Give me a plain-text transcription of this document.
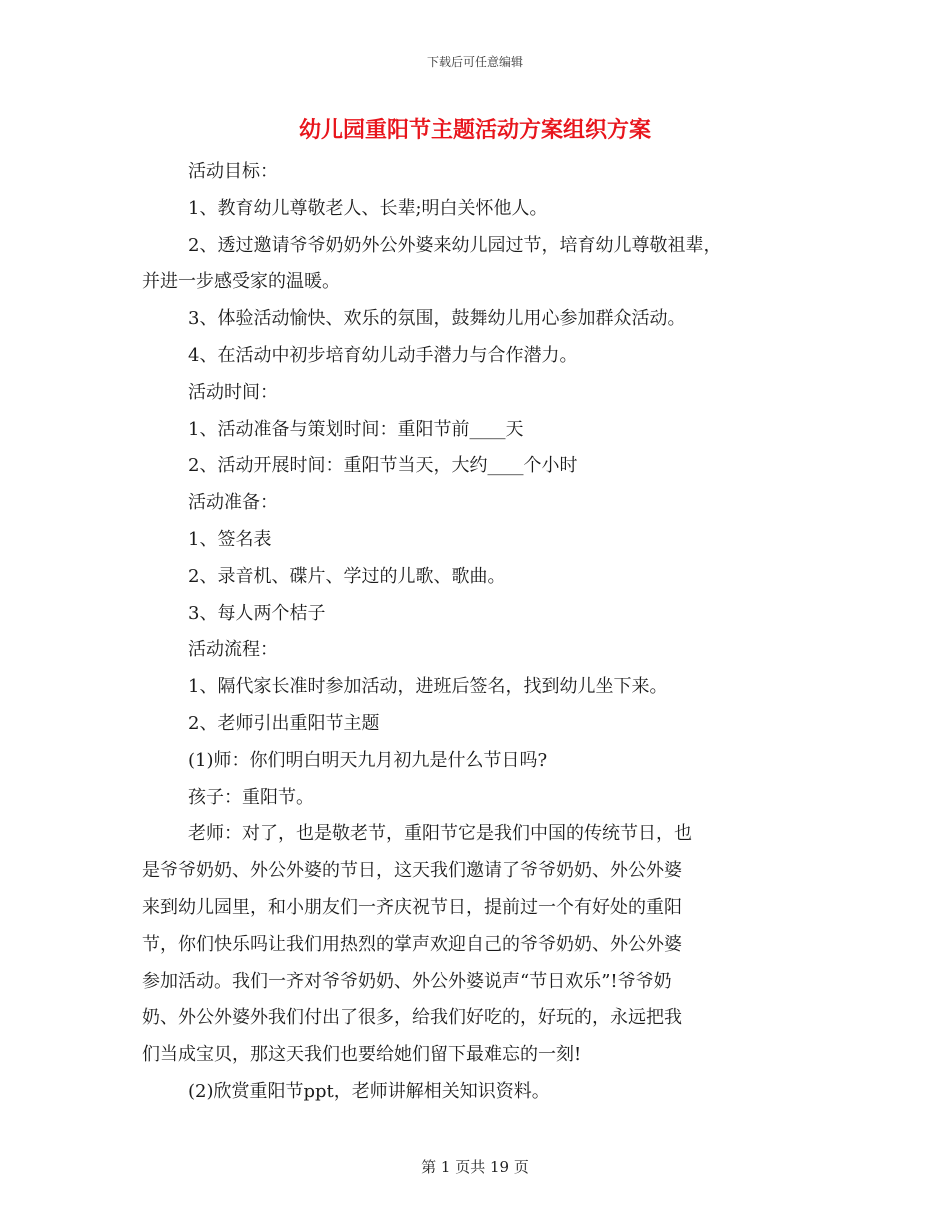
下载后可任意编辑
幼儿园重阳节主题活动方案组织方案
活动目标：
1、教育幼儿尊敬老人、长辈;明白关怀他人。
2、透过邀请爷爷奶奶外公外婆来幼儿园过节，培育幼儿尊敬祖辈，
并进一步感受家的温暖。
3、体验活动愉快、欢乐的氛围，鼓舞幼儿用心参加群众活动。
4、在活动中初步培育幼儿动手潜力与合作潜力。
活动时间：
1、活动准备与策划时间：重阳节前____天
2、活动开展时间：重阳节当天，大约____个小时
活动准备：
1、签名表
2、录音机、碟片、学过的儿歌、歌曲。
3、每人两个桔子
活动流程：
1、隔代家长准时参加活动，进班后签名，找到幼儿坐下来。
2、老师引出重阳节主题
(1)师：你们明白明天九月初九是什么节日吗?
孩子：重阳节。
老师：对了，也是敬老节，重阳节它是我们中国的传统节日，也
是爷爷奶奶、外公外婆的节日，这天我们邀请了爷爷奶奶、外公外婆
来到幼儿园里，和小朋友们一齐庆祝节日，提前过一个有好处的重阳
节，你们快乐吗让我们用热烈的掌声欢迎自己的爷爷奶奶、外公外婆
参加活动。我们一齐对爷爷奶奶、外公外婆说声“节日欢乐”!爷爷奶
奶、外公外婆外我们付出了很多，给我们好吃的，好玩的，永远把我
们当成宝贝，那这天我们也要给她们留下最难忘的一刻!
(2)欣赏重阳节ppt，老师讲解相关知识资料。
第 1 页共 19 页
